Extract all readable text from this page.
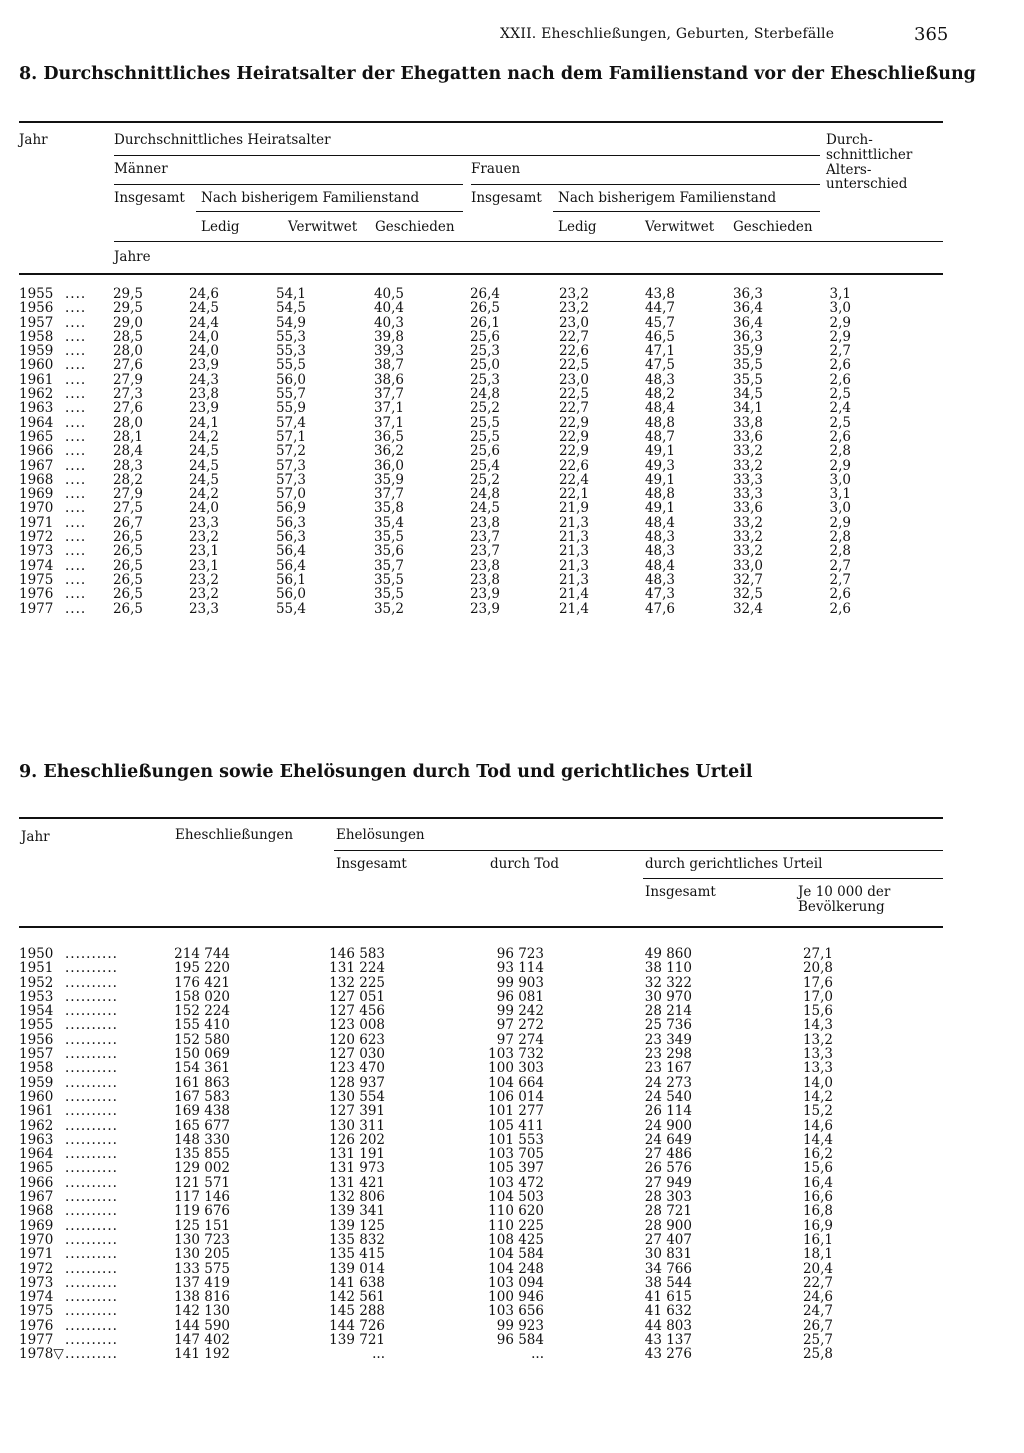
XXII. Eheschließungen, Geburten, Sterbefälle	365
8. Durchschnittliches Heiratsalter der Ehegatten nach dem Familienstand vor der Eheschließung
Jahr	Durchschnittliches Heiratsalter	Durch-
schnittlicher
Alters-
unterschied
Männer	Frauen
Insgesamt Nach bisherigem Familienstand	Insgesamt Nach bisherigem Familienstand
Ledig	Verwitwet Geschieden	Ledig	Verwitwet Geschieden
Jahre
1955 .... 29,5	24,6	54,1	40,5	26,4	23,2	43,8	36,3	3,1
1956 .... 29,5	24,5	54,5	40,4	26,5	23,2	44,7	36,4	3,0
1957 .... 29,0	24,4	54,9	40,3	26,1	23,0	45,7	36,4	2,9
1958 .... 28,5	24,0	55,3	39,8	25,6	22,7	46,5	36,3	2,9
1959 .... 28,0	24,0	55,3	39,3	25,3	22,6	47,1	35,9	2,7
1960 .... 27,6	23,9	55,5	38,7	25,0	22,5	47,5	35,5	2,6
1961 .... 27,9	24,3	56,0	38,6	25,3	23,0	48,3	35,5	2,6
1962 .... 27,3	23,8	55,7	37,7	24,8	22,5	48,2	34,5	2,5
1963 .... 27,6	23,9	55,9	37,1	25,2	22,7	48,4	34,1	2,4
1964 .... 28,0	24,1	57,4	37,1	25,5	22,9	48,8	33,8	2,5
1965 .... 28,1	24,2	57,1	36,5	25,5	22,9	48,7	33,6	2,6
1966 .... 28,4	24,5	57,2	36,2	25,6	22,9	49,1	33,2	2,8
1967 .... 28,3	24,5	57,3	36,0	25,4	22,6	49,3	33,2	2,9
1968 .... 28,2	24,5	57,3	35,9	25,2	22,4	49,1	33,3	3,0
1969 .... 27,9	24,2	57,0	37,7	24,8	22,1	48,8	33,3	3,1
1970 .... 27,5	24,0	56,9	35,8	24,5	21,9	49,1	33,6	3,0
1971 .... 26,7	23,3	56,3	35,4	23,8	21,3	48,4	33,2	2,9
1972 .... 26,5	23,2	56,3	35,5	23,7	21,3	48,3	33,2	2,8
1973 .... 26,5	23,1	56,4	35,6	23,7	21,3	48,3	33,2	2,8
1974 .... 26,5	23,1	56,4	35,7	23,8	21,3	48,4	33,0	2,7
1975 .... 26,5	23,2	56,1	35,5	23,8	21,3	48,3	32,7	2,7
1976 .... 26,5	23,2	56,0	35,5	23,9	21,4	47,3	32,5	2,6
1977 .... 26,5	23,3	55,4	35,2	23,9	21,4	47,6	32,4	2,6
9. Eheschließungen sowie Ehelösungen durch Tod und gerichtliches Urteil
Jahr	Eheschließungen	Ehelösungen
Insgesamt	durch Tod	durch gerichtliches Urteil
Insgesamt	Je 10 000 der
Bevölkerung
1950 ..........	214 744	146 583	96 723	49 860	27,1
1951 ..........	195 220	131 224	93 114	38 110	20,8
1952 ..........	176 421	132 225	99 903	32 322	17,6
1953 ..........	158 020	127 051	96 081	30 970	17,0
1954 ..........	152 224	127 456	99 242	28 214	15,6
1955 ..........	155 410	123 008	97 272	25 736	14,3
1956 ..........	152 580	120 623	97 274	23 349	13,2
1957 ..........	150 069	127 030	103 732	23 298	13,3
1958 ..........	154 361	123 470	100 303	23 167	13,3
1959 ..........	161 863	128 937	104 664	24 273	14,0
1960 ..........	167 583	130 554	106 014	24 540	14,2
1961 ..........	169 438	127 391	101 277	26 114	15,2
1962 ..........	165 677	130 311	105 411	24 900	14,6
1963 ..........	148 330	126 202	101 553	24 649	14,4
1964 ..........	135 855	131 191	103 705	27 486	16,2
1965 ..........	129 002	131 973	105 397	26 576	15,6
1966 ..........	121 571	131 421	103 472	27 949	16,4
1967 ..........	117 146	132 806	104 503	28 303	16,6
1968 ..........	119 676	139 341	110 620	28 721	16,8
1969 ..........	125 151	139 125	110 225	28 900	16,9
1970 ..........	130 723	135 832	108 425	27 407	16,1
1971 ..........	130 205	135 415	104 584	30 831	18,1
1972 ..........	133 575	139 014	104 248	34 766	20,4
1973 ..........	137 419	141 638	103 094	38 544	22,7
1974 ..........	138 816	142 561	100 946	41 615	24,6
1975 ..........	142 130	145 288	103 656	41 632	24,7
1976 ..........	144 590	144 726	99 923	44 803	26,7
1977 ..........	147 402	139 721	96 584	43 137	25,7
1978▽ ..........	141 192	...	...	43 276	25,8
